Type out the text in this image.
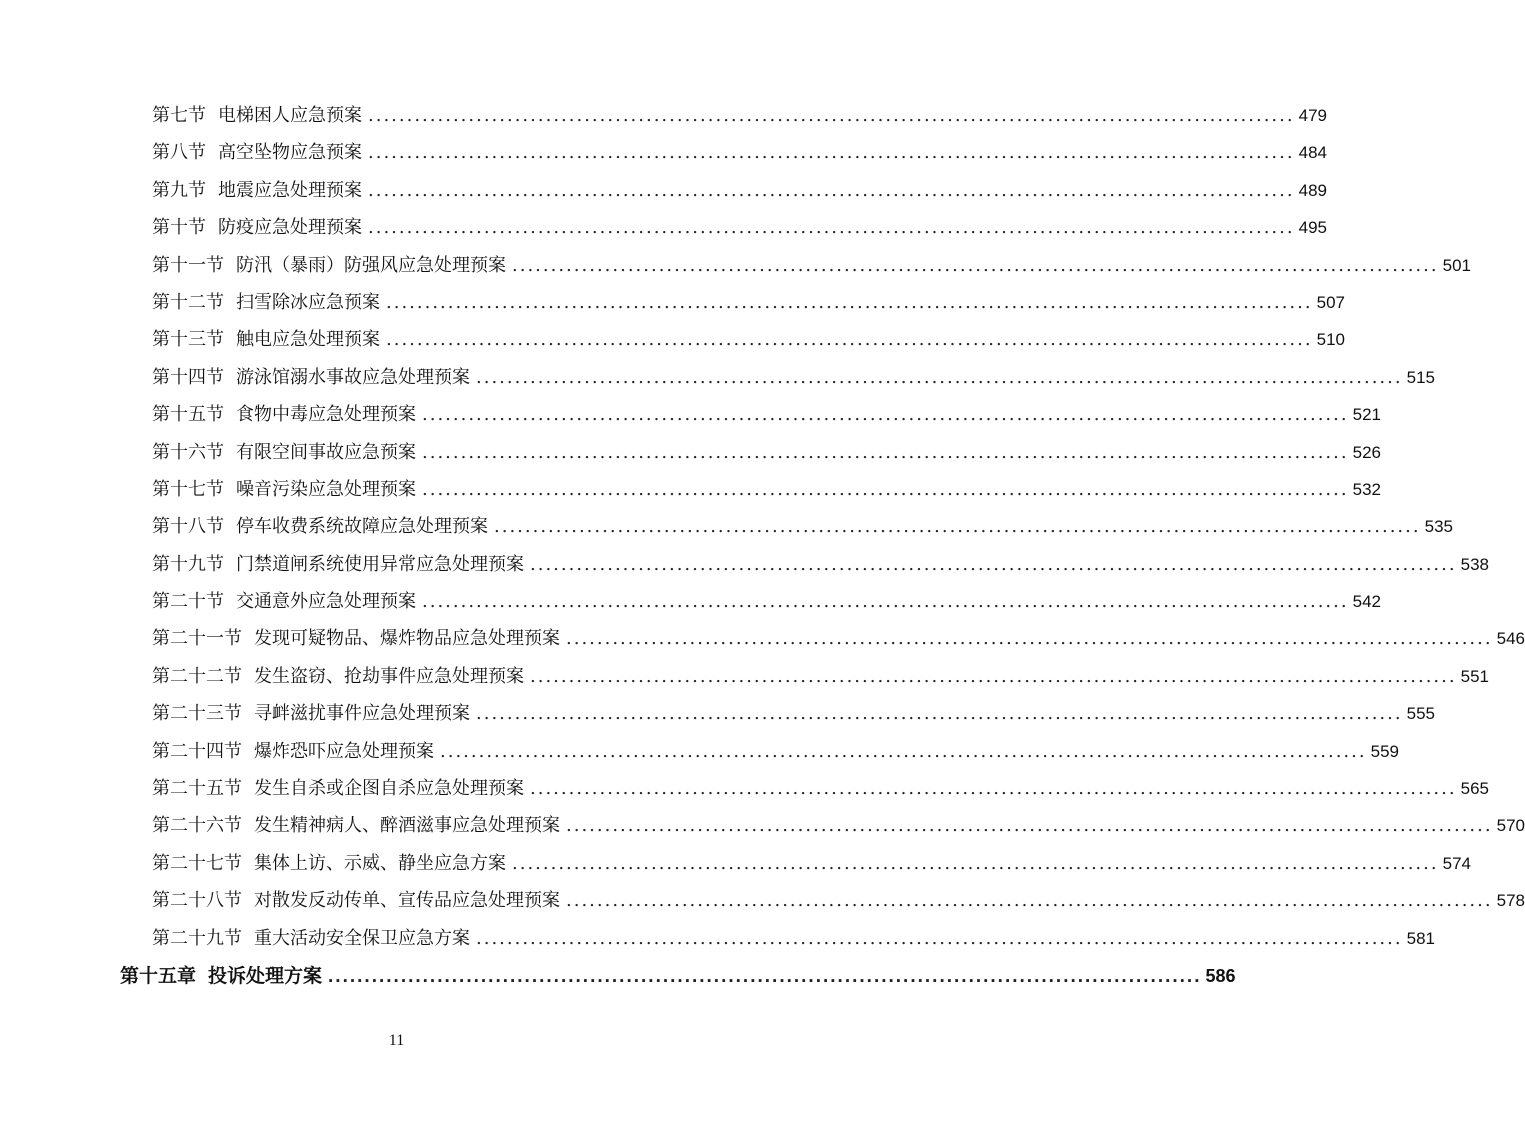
第七节 电梯困人应急预案 ........................................................................................................................ 479
第八节 高空坠物应急预案 ........................................................................................................................ 484
第九节 地震应急处理预案 ........................................................................................................................ 489
第十节 防疫应急处理预案 ........................................................................................................................ 495
第十一节 防汛（暴雨）防强风应急处理预案 ........................................................................................................................ 501
第十二节 扫雪除冰应急预案 ........................................................................................................................ 507
第十三节 触电应急处理预案 ........................................................................................................................ 510
第十四节 游泳馆溺水事故应急处理预案 ........................................................................................................................ 515
第十五节 食物中毒应急处理预案 ........................................................................................................................ 521
第十六节 有限空间事故应急预案 ........................................................................................................................ 526
第十七节 噪音污染应急处理预案 ........................................................................................................................ 532
第十八节 停车收费系统故障应急处理预案 ........................................................................................................................ 535
第十九节 门禁道闸系统使用异常应急处理预案 ........................................................................................................................ 538
第二十节 交通意外应急处理预案 ........................................................................................................................ 542
第二十一节 发现可疑物品、爆炸物品应急处理预案 ........................................................................................................................ 546
第二十二节 发生盗窃、抢劫事件应急处理预案 ........................................................................................................................ 551
第二十三节 寻衅滋扰事件应急处理预案 ........................................................................................................................ 555
第二十四节 爆炸恐吓应急处理预案 ........................................................................................................................ 559
第二十五节 发生自杀或企图自杀应急处理预案 ........................................................................................................................ 565
第二十六节 发生精神病人、醉酒滋事应急处理预案 ........................................................................................................................ 570
第二十七节 集体上访、示威、静坐应急方案 ........................................................................................................................ 574
第二十八节 对散发反动传单、宣传品应急处理预案 ........................................................................................................................ 578
第二十九节 重大活动安全保卫应急方案 ........................................................................................................................ 581
第十五章 投诉处理方案 ........................................................................................................................ 586
11
